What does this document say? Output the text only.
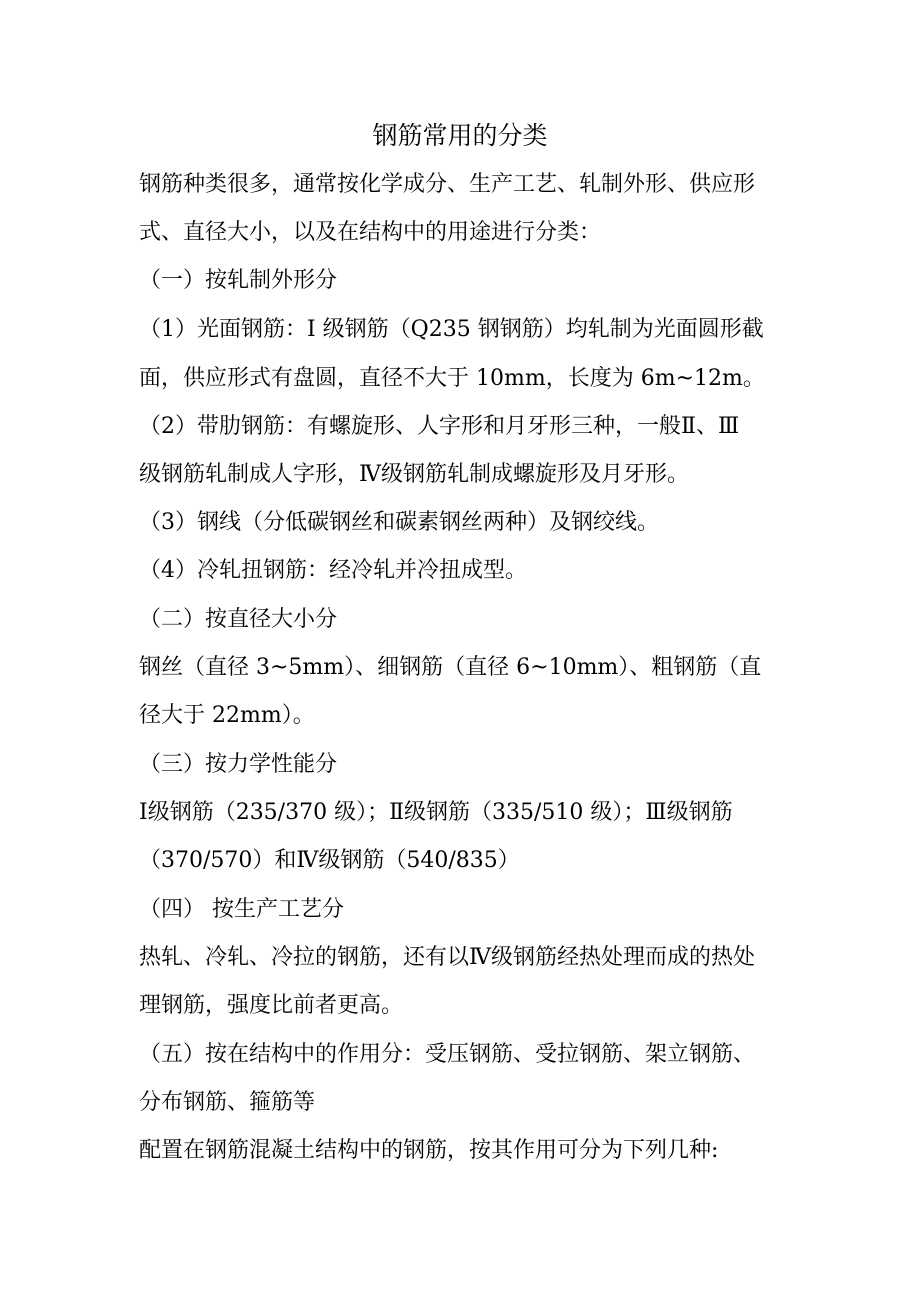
钢筋常用的分类
钢筋种类很多，通常按化学成分、生产工艺、轧制外形、供应形
式、直径大小，以及在结构中的用途进行分类：
（一）按轧制外形分
（1）光面钢筋：I 级钢筋（Q235 钢钢筋）均轧制为光面圆形截
面，供应形式有盘圆，直径不大于 10mm，长度为 6m~12m。
（2）带肋钢筋：有螺旋形、人字形和月牙形三种，一般Ⅱ、Ⅲ
级钢筋轧制成人字形，Ⅳ级钢筋轧制成螺旋形及月牙形。
（3）钢线（分低碳钢丝和碳素钢丝两种）及钢绞线。
（4）冷轧扭钢筋：经冷轧并冷扭成型。
（二）按直径大小分
钢丝（直径 3~5mm）、细钢筋（直径 6~10mm）、粗钢筋（直
径大于 22mm）。
（三）按力学性能分
Ⅰ级钢筋（235/370 级）；Ⅱ级钢筋（335/510 级）；Ⅲ级钢筋
（370/570）和Ⅳ级钢筋（540/835）
（四） 按生产工艺分
热轧、冷轧、冷拉的钢筋，还有以Ⅳ级钢筋经热处理而成的热处
理钢筋，强度比前者更高。
（五）按在结构中的作用分：受压钢筋、受拉钢筋、架立钢筋、
分布钢筋、箍筋等
配置在钢筋混凝土结构中的钢筋，按其作用可分为下列几种:
